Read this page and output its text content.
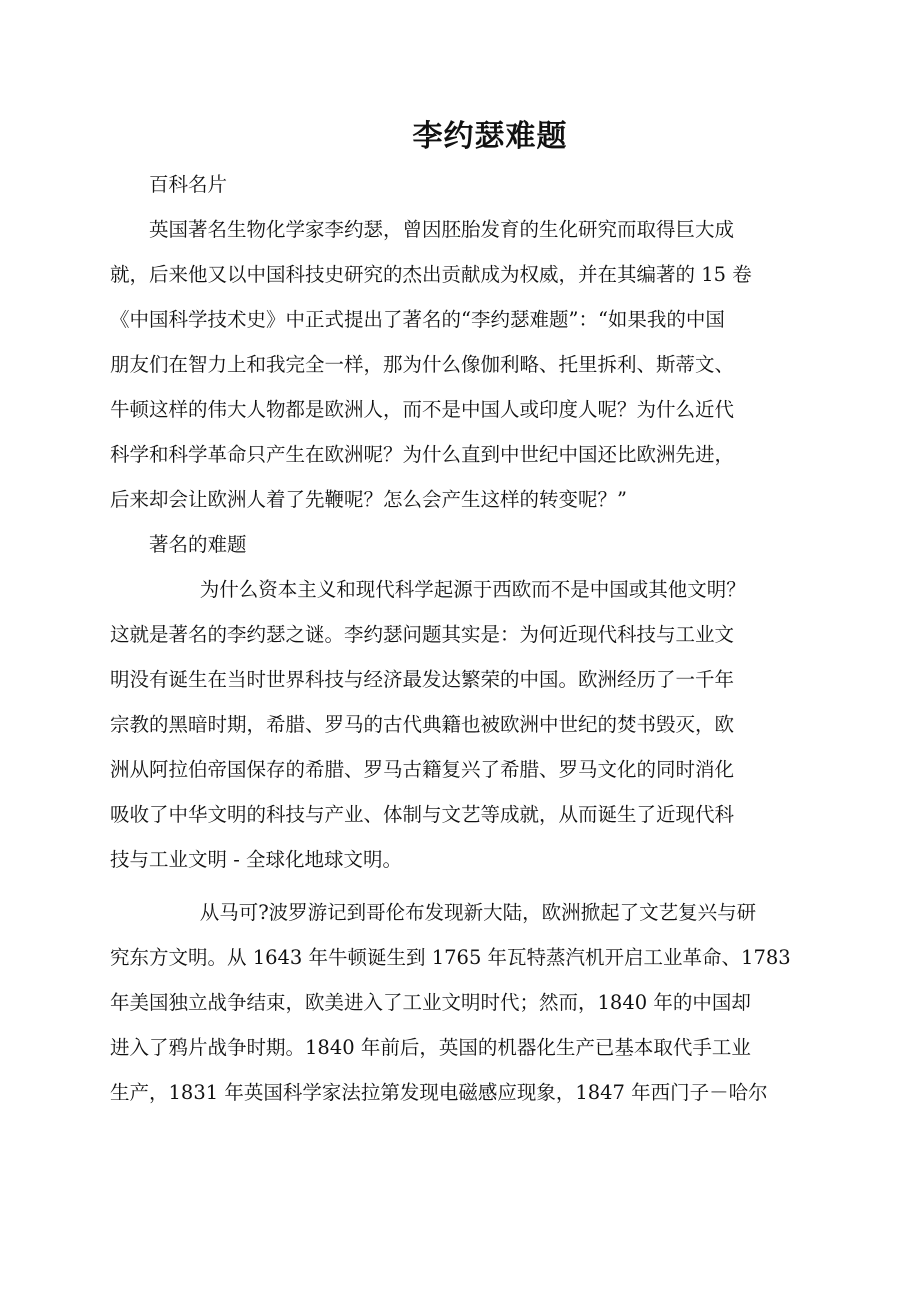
李约瑟难题

百科名片

英国著名生物化学家李约瑟，曾因胚胎发育的生化研究而取得巨大成
就，后来他又以中国科技史研究的杰出贡献成为权威，并在其编著的 15 卷
《中国科学技术史》中正式提出了著名的“李约瑟难题”：“如果我的中国
朋友们在智力上和我完全一样，那为什么像伽利略、托里拆利、斯蒂文、
牛顿这样的伟大人物都是欧洲人，而不是中国人或印度人呢？为什么近代
科学和科学革命只产生在欧洲呢？为什么直到中世纪中国还比欧洲先进，
后来却会让欧洲人着了先鞭呢？怎么会产生这样的转变呢？”

著名的难题

为什么资本主义和现代科学起源于西欧而不是中国或其他文明？
这就是著名的李约瑟之谜。李约瑟问题其实是：为何近现代科技与工业文
明没有诞生在当时世界科技与经济最发达繁荣的中国。欧洲经历了一千年
宗教的黑暗时期，希腊、罗马的古代典籍也被欧洲中世纪的焚书毁灭，欧
洲从阿拉伯帝国保存的希腊、罗马古籍复兴了希腊、罗马文化的同时消化
吸收了中华文明的科技与产业、体制与文艺等成就，从而诞生了近现代科
技与工业文明 - 全球化地球文明。

从马可?波罗游记到哥伦布发现新大陆，欧洲掀起了文艺复兴与研
究东方文明。从 1643 年牛顿诞生到 1765 年瓦特蒸汽机开启工业革命、1783
年美国独立战争结束，欧美进入了工业文明时代；然而，1840 年的中国却
进入了鸦片战争时期。1840 年前后，英国的机器化生产已基本取代手工业
生产，1831 年英国科学家法拉第发现电磁感应现象，1847 年西门子－哈尔
